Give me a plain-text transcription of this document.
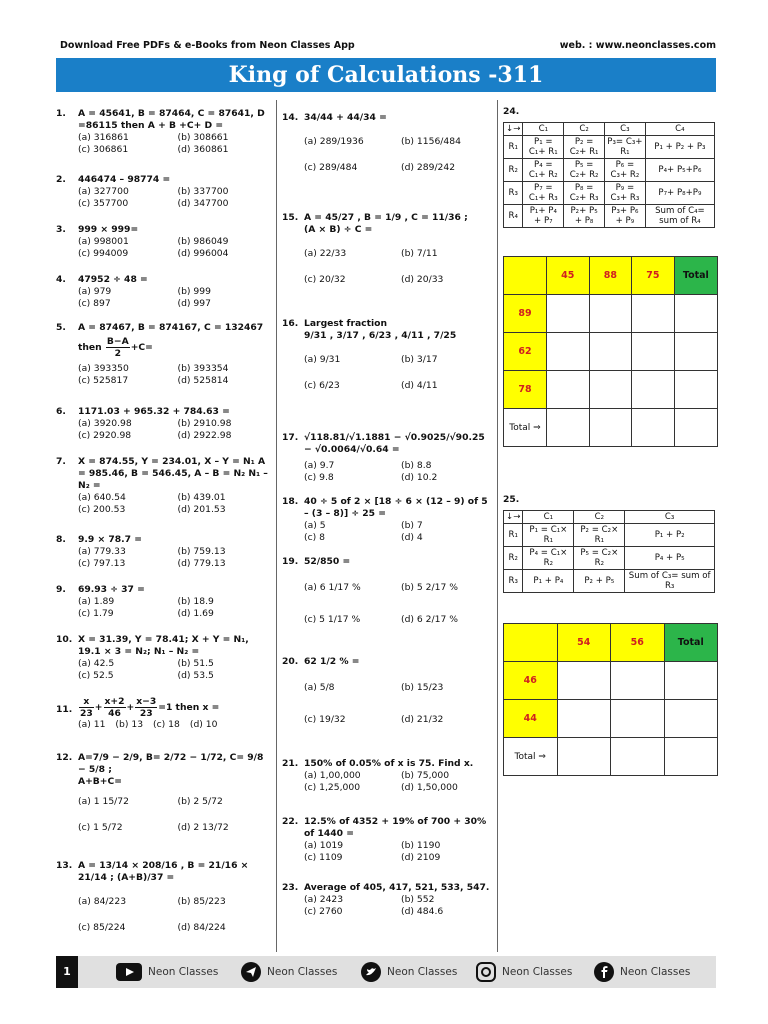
Download Free PDFs & e-Books from Neon Classes App	web. : www.neonclasses.com
King of Calculations -311
1. A = 45641, B = 87464, C = 87641, D =86115 then A + B +C+ D =
(a) 316861	(b) 308661
(c) 306861	(d) 360861
2. 446474 – 98774 =
(a) 327700	(b) 337700
(c) 357700	(d) 347700
3. 999 × 999=
(a) 998001	(b) 986049
(c) 994009	(d) 996004
4. 47952 ÷ 48 =
(a) 979	(b) 999
(c) 897	(d) 997
5. A = 87467, B = 874167, C = 132467
then $\frac{B-A}{2} +C=$
(a) 393350	(b) 393354
(c) 525817	(d) 525814
6. 1171.03 + 965.32 + 784.63 =
(a) 3920.98	(b) 2910.98
(c) 2920.98	(d) 2922.98
7. X = 874.55, Y = 234.01, X – Y = N₁ A = 985.46, B = 546.45, A – B = N₂ N₁ – N₂ =
(a) 640.54	(b) 439.01
(c) 200.53	(d) 201.53
8. 9.9 × 78.7 =
(a) 779.33	(b) 759.13
(c) 797.13	(d) 779.13
9. 69.93 ÷ 37 =
(a) 1.89	(b) 18.9
(c) 1.79	(d) 1.69
10. X = 31.39, Y = 78.41; X + Y = N₁, 19.1 × 3 = N₂; N₁ – N₂ =
(a) 42.5	(b) 51.5
(c) 52.5	(d) 53.5
11. $\frac{x}{23} + \frac{x+2}{46} + \frac{x-3}{23} =1$ then x =
(a) 11 (b) 13 (c) 18 (d) 10
12. A=7/9 − 2/9, B= 2/72 − 1/72, C= 9/8 − 5/8 ;
A+B+C=
(a) 1 15/72	(b) 2 5/72
(c) 1 5/72	(d) 2 13/72
13. A = 13/14 × 208/16 , B = 21/16 × 21/14 ; (A+B)/37 =
(a) 84/223	(b) 85/223
(c) 85/224	(d) 84/224
14. 34/44 + 44/34 =
(a) 289/1936	(b) 1156/484
(c) 289/484	(d) 289/242
15. A = 45/27 , B = 1/9 , C = 11/36 ;
(A × B) ÷ C =
(a) 22/33	(b) 7/11
(c) 20/32	(d) 20/33
16. Largest fraction
9/31 , 3/17 , 6/23 , 4/11 , 7/25
(a) 9/31	(b) 3/17
(c) 6/23	(d) 4/11
17. √118.81/√1.1881 − √0.9025/√90.25 − √0.0064/√0.64 =
(a) 9.7	(b) 8.8
(c) 9.8	(d) 10.2
18. 40 ÷ 5 of 2 × [18 ÷ 6 × (12 – 9) of 5 – (3 – 8)] ÷ 25 =
(a) 5	(b) 7
(c) 8	(d) 4
19. 52/850 =
(a) 6 1/17 %	(b) 5 2/17 %
(c) 5 1/17 %	(d) 6 2/17 %
20. 62 1/2 % =
(a) 5/8	(b) 15/23
(c) 19/32	(d) 21/32
21. 150% of 0.05% of x is 75. Find x.
(a) 1,00,000	(b) 75,000
(c) 1,25,000	(d) 1,50,000
22. 12.5% of 4352 + 19% of 700 + 30% of 1440 =
(a) 1019	(b) 1190
(c) 1109	(d) 2109
23. Average of 405, 417, 521, 533, 547.
(a) 2423	(b) 552
(c) 2760	(d) 484.6
24.
↓→	C₁	C₂	C₃	C₄
R₁	P₁ = C₁+ R₁	P₂ = C₂+ R₁	P₃= C₃+ R₁	P₁ + P₂ + P₃
R₂	P₄ = C₁+ R₂	P₅ = C₂+ R₂	P₆ = C₃+ R₂	P₄+ P₅+P₆
R₃	P₇ = C₁+ R₃	P₈ = C₂+ R₃	P₉ = C₃+ R₃	P₇+ P₈+P₉
R₄	P₁+ P₄ + P₇	P₂+ P₅ + P₈	P₃+ P₆ + P₉	Sum of C₄= sum of R₄
	45	88	75	Total
89				
62				
78				
Total ⇒				
25.
↓→	C₁	C₂	C₃
R₁	P₁ = C₁× R₁	P₂ = C₂× R₁	P₁ + P₂
R₂	P₄ = C₁× R₂	P₅ = C₂× R₂	P₄ + P₅
R₃	P₁ + P₄	P₂ + P₅	Sum of C₃= sum of R₃
	54	56	Total
46			
44			
Total ⇒			
1	Neon Classes	Neon Classes	Neon Classes	Neon Classes	Neon Classes
